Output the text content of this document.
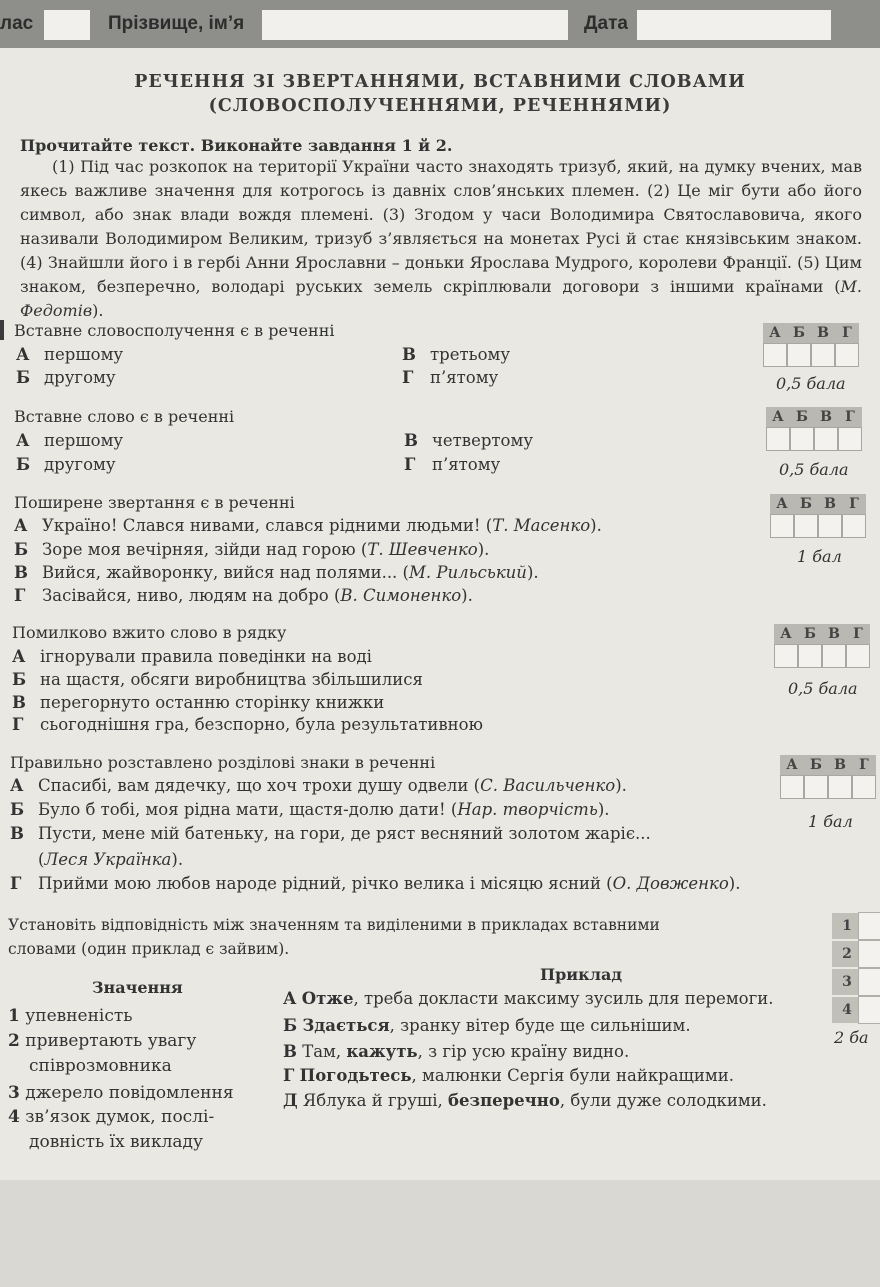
лас	Прізвище, ім’я	Дата
РЕЧЕННЯ ЗІ ЗВЕРТАННЯМИ, ВСТАВНИМИ СЛОВАМИ
(СЛОВОСПОЛУЧЕННЯМИ, РЕЧЕННЯМИ)
Прочитайте текст. Виконайте завдання 1 й 2.
(1) Під час розкопок на території України часто знаходять тризуб, який, на думку вчених, мав якесь важливе значення для котрогось із давніх слов’янських племен. (2) Це міг бути або його символ, або знак влади вождя племені. (3) Згодом у часи Володимира Святославовича, якого називали Володимиром Великим, тризуб з’являється на монетах Русі й стає князівським знаком. (4) Знайшли його і в гербі Анни Ярославни – доньки Ярослава Мудрого, королеви Франції. (5) Цим знаком, безперечно, володарі руських земель скріплювали договори з іншими країнами (М. Федотів).
Вставне словосполучення є в реченні
А першому
Б другому
В третьому
Г п’ятому
А Б В Г
0,5 бала
Вставне слово є в реченні
А першому
Б другому
В четвертому
Г п’ятому
А Б В Г
0,5 бала
Поширене звертання є в реченні
А Україно! Слався нивами, слався рідними людьми! (Т. Масенко).
Б Зоре моя вечірняя, зійди над горою (Т. Шевченко).
В Вийся, жайворонку, вийся над полями... (М. Рильський).
Г Засівайся, ниво, людям на добро (В. Симоненко).
А Б В Г
1 бал
Помилково вжито слово в рядку
А ігнорували правила поведінки на воді
Б на щастя, обсяги виробництва збільшилися
В перегорнуто останню сторінку книжки
Г сьогоднішня гра, безспорно, була результативною
А Б В Г
0,5 бала
Правильно розставлено розділові знаки в реченні
А Спасибі, вам дядечку, що хоч трохи душу одвели (С. Васильченко).
Б Було б тобі, моя рідна мати, щастя-долю дати! (Нар. творчість).
В Пусти, мене мій батеньку, на гори, де ряст весняний золотом жаріє...
(Леся Українка).
Г Прийми мою любов народе рідний, річко велика і місяцю ясний (О. Довженко).
А Б В Г
1 бал
Установіть відповідність між значенням та виділеними в прикладах вставними
словами (один приклад є зайвим).
1
2
3
4
2 ба
Значення
Приклад
1 упевненість
2 привертають увагу
співрозмовника
3 джерело повідомлення
4 зв’язок думок, послі-
довність їх викладу
А Отже, треба докласти максиму зусиль для перемоги.
Б Здається, зранку вітер буде ще сильнішим.
В Там, кажуть, з гір усю країну видно.
Г Погодьтесь, малюнки Сергія були найкращими.
Д Яблука й груші, безперечно, були дуже солодкими.
